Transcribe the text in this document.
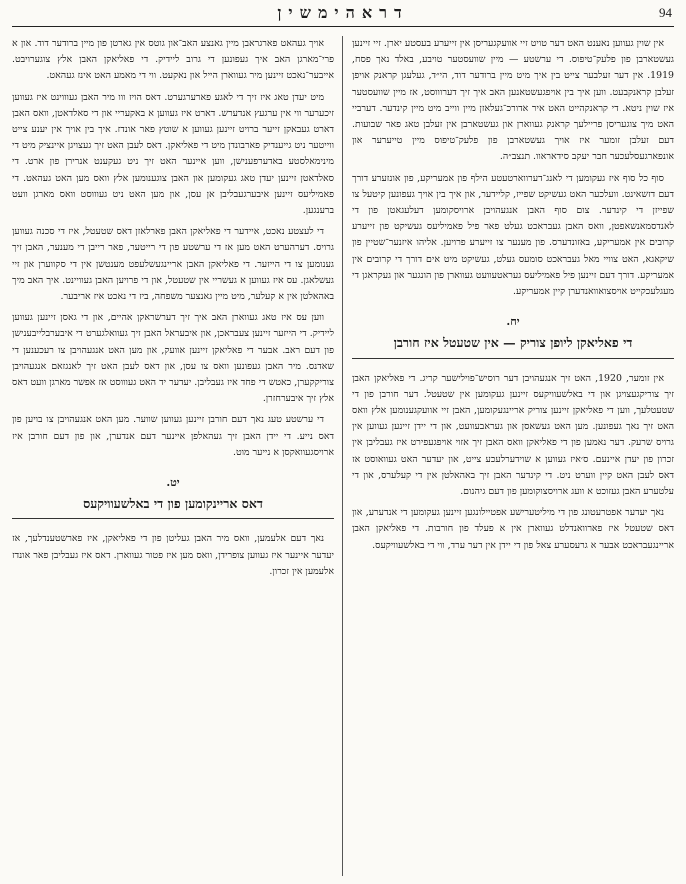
94
דראהימשין

אין שוין געווען נאענט האט דער טויט זיי אוועקגעריסן אין זייערע בעסטע יארן. זיי זיינען געשטארבן פון פלעק־טיפוס. די ערשטע — מיין שוועסטער טויבע, באלד נאך פסח, 1919. אין דער זעלבער צייט בין איך מיט מיין ברודער דוד, הי״ד, געלעגן קראנק אויפן זעלבן קראנקבעט. ווען איך בין אויפגעשטאנען האב איך זיך דערוווסט, אז מיין שוועסטער איז שוין ניטא. די קראנקהייט האט איר אדורכ־געלאזן מיין ווייב מיט מיין קינדער. דערביי האט מיך צוגעריסן פריילעך קראנק געווארן און געשטארבן אין זעלבן טאג פאר שבועות. דעם זעלבן זומער איז אויך געשטארבן פון פלעק־טיפוס מיין טייערער און אונפארגעסלעכער חבר יעקב סידאראוו. תנצב״ה.

סוף כל סוף איז געקומען די לאנג־דערווארטעטע הילף פון אמעריקע, פון אונזערע דורך דעם דזשאינט. וועלכער האט געשיקט שפייז, קליידער, און איך בין אויך געפונען קיטעל צו שפייזן די קינדער. צום סוף האבן אנגעהויבן ארויסקומען דעלעגאטן פון די לאנדסמאנשאפטן, וואס האבן געבראכט געלט פאר פיל פאמיליעס געשיקט פון זייערע קרובים אין אמעריקע, באזונדערס. פון מענער צו זייערע פרויען. אליהו איזנער־שטיין פון שיקאגא, האט צוויי מאל געבראכט סומעס געלט, געשיקט מיט אים דורך די קרובים אין אמעריקע. דורך דעם זיינען פיל פאמיליעס געראטעוועט געווארן פון הונגער און געקראגן די מעגלעכקייט אויסצואוואנדערן קיין אמעריקע.

יח.
די פאליאקן ליופן צוריק — אין שטעטל איז חורבן

אין זומער, 1920, האט זיך אנגעהויבן דער רוסיש־פוילישער קריג. די פאליאקן האבן זיך צוריקגעצויגן און די באלשעוויקעס זיינען געקומען אין שטעטל. דער חורבן פון די שטעטלעך, ווען די פאליאקן זיינען צוריק אריינגעקומען, האבן זיי אוועקגענומען אלץ וואס האט זיך נאך געפונען. מען האט געשאסן און געראבעוועט, און די יידן זיינען געווען אין גרויס שרעק. דער נאמען פון די פאליאקן וואס האבן זיך אזוי אויפגעפירט איז געבליבן אין זכרון פון יעדן איינעם. ס׳איז געווען א שוידערלעכע צייט, און יעדער האט געוואוסט אז דאס לעבן האט קיין ווערט ניט. די קינדער האבן זיך באהאלטן אין די קעלערס, און די עלטערע האבן געזוכט א וועג ארויסצוקומען פון דעם גיהנום.

נאך יעדער אפטרעטונג פון די מיליטערישע אפטיילונגען זיינען געקומען די אנדערע, און דאס שטעטל איז פארוואנדלט געווארן אין א פעלד פון חורבות. די פאליאקן האבן אריינגעבראכט אבער א גרעסערע צאל פון די יידן אין דער ערד, ווי די באלשעוויקעס.

אויך געהאט פארגראבן מיין גאנצע האב־און גוטס אין גארטן פון מיין ברודער דוד. און א פרי־מארגן האב איך געפונען די גרוב ליידיק. די פאליאקן האבן אלץ צוגערויבט. אייבער־נאכט זיינען מיר געווארן הייל און נאקעט. ווי די מאמע האט אינז געהאט.

מיט יעדן טאג איז זיך די לאגע פארערגערט. דאס הויז ווו מיר האבן געוווינט איז געווען זיכערער ווי אין ערגעץ אנדערש. דארט איז געווען א באקעריי און די סאלדאטן, וואס האבן דארט געבאקן זייער ברויט זיינען געווען א שוטץ פאר אונדז. איך בין אויך אין יענע צייט ווייטער ניט גייענדיק פארבונדן מיט די פאליאקן. דאס לעבן האט זיך געצויגן איינציק מיט די מינימאלסטע באדערפענישן, ווען איינער האט זיך ניט געקענט אנרירן פון ארט. די סאלדאטן זיינען יעדן טאג געקומען און האבן צוגענומען אלץ וואס מען האט געהאט. די פאמיליעס זיינען איבערגעבליבן אן עסן, און מען האט ניט געוווסט וואס מארגן וועט ברענגען.

די לעצטע נאכט, איידער די פאליאקן האבן פארלאזן דאס שטעטל, איז די סכנה געווען גרויס. דערהערט האט מען אז די ערשטע פון די רייטער, פאר רייבן די מענער, האבן זיך גענומען צו די הייזער. די פאליאקן האבן אריינגעשלעפט מענטשן אין די סקווערן און זיי געשלאגן. עס איז געווען א געשריי אין שטעטל, און די פרויען האבן געוויינט. איך האב מיך באהאלטן אין א קעלער, מיט מיין גאנצער משפחה, ביז די נאכט איז אריבער.

ווען עס איז טאג געווארן האב איך זיך דערשראקן אהיים, און די גאסן זיינען געווען ליידיק. די הייזער זיינען צעבראכן, און איבעראל האבן זיך געוואלגערט די איבערבלייבענישן פון דעם ראב. אבער די פאליאקן זיינען אוועק, און מען האט אנגעהויבן צו רעכענען די שאדנס. מיר האבן געפונען וואס צו עסן, און דאס לעבן האט זיך לאנגזאם אנגעהויבן צוריקקערן, כאטש די פחד איז געבליבן. יעדער יד האט געוווסט אז אפשר מארגן וועט דאס אלץ זיך איבערחזרן.

די ערשטע טעג נאך דעם חורבן זיינען געווען שווער. מען האט אנגעהויבן צו בויען פון דאס נייע. די יידן האבן זיך געהאלפן איינער דעם אנדערן, און פון דעם חורבן איז ארויסגעוואקסן א נייער מוט.

יט.
דאס אריינקומען פון די באלשעוויקעס

נאך דעם אלעמען, וואס מיר האבן געליטן פון די פאליאקן, איז פארשטענדלעך, אז יעדער איינער איז געווען צופרידן, וואס מען איז פטור געווארן. דאס איז געבליבן פאר אונדז אלעמען אין זכרון.
